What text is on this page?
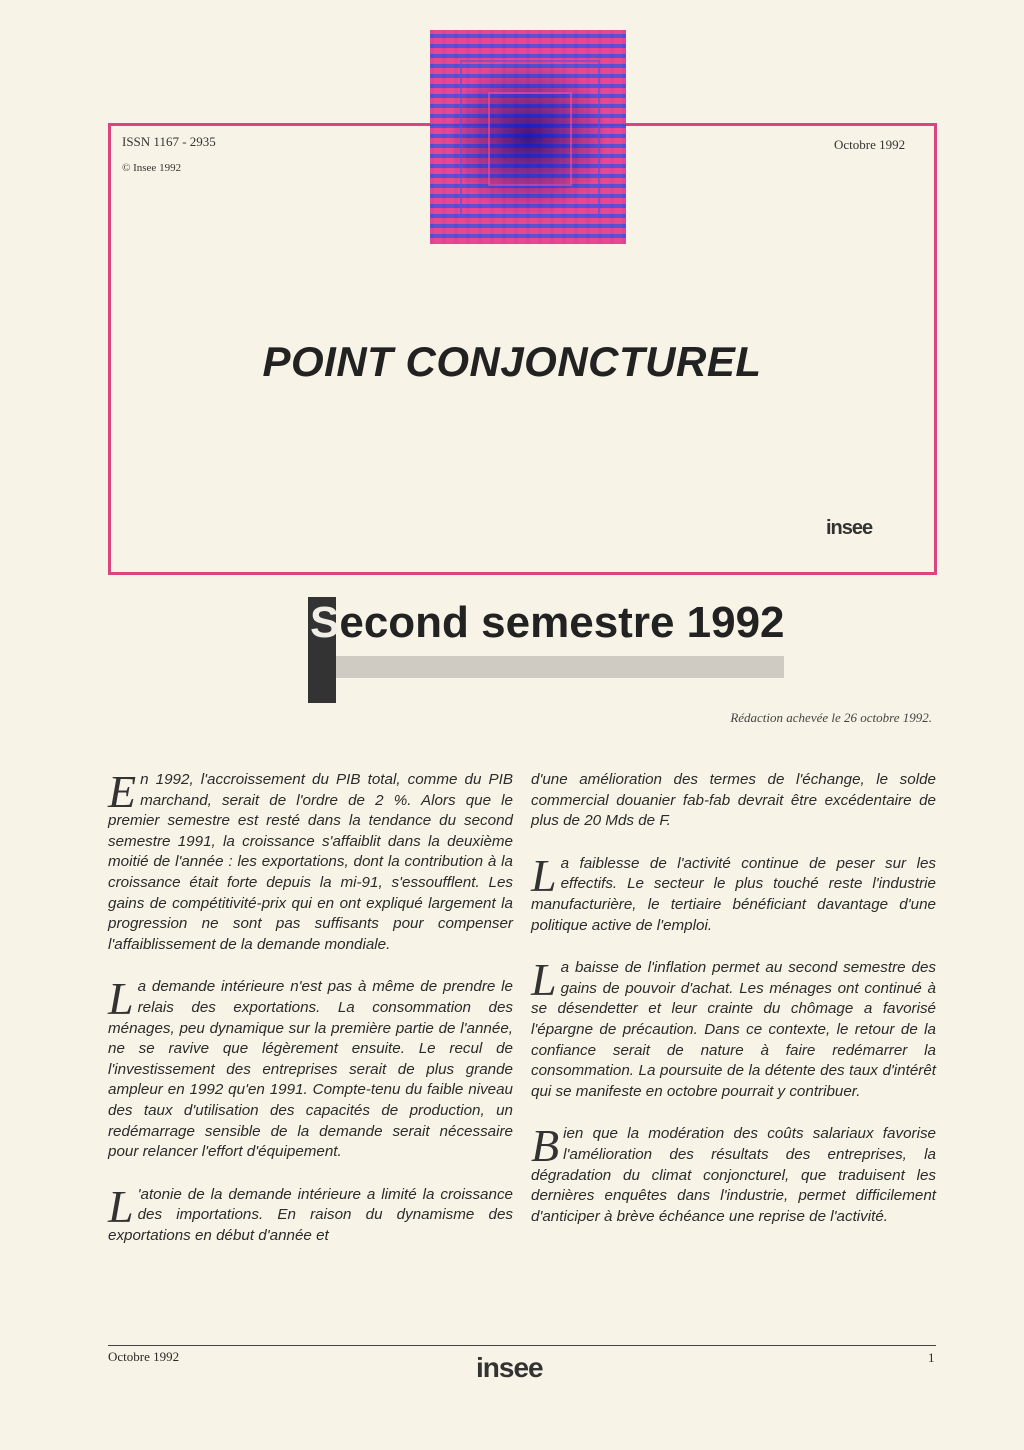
ISSN 1167 - 2935
© Insee 1992
Octobre 1992
POINT CONJONCTUREL
insee
Second semestre 1992
Rédaction achevée le 26 octobre 1992.

En 1992, l'accroissement du PIB total, comme du PIB marchand, serait de l'ordre de 2 %. Alors que le premier semestre est resté dans la tendance du second semestre 1991, la croissance s'affaiblit dans la deuxième moitié de l'année : les exportations, dont la contribution à la croissance était forte depuis la mi-91, s'essoufflent. Les gains de compétitivité-prix qui en ont expliqué largement la progression ne sont pas suffisants pour compenser l'affaiblissement de la demande mondiale.

La demande intérieure n'est pas à même de prendre le relais des exportations. La consommation des ménages, peu dynamique sur la première partie de l'année, ne se ravive que légèrement ensuite. Le recul de l'investissement des entreprises serait de plus grande ampleur en 1992 qu'en 1991. Compte-tenu du faible niveau des taux d'utilisation des capacités de production, un redémarrage sensible de la demande serait nécessaire pour relancer l'effort d'équipement.

L 'atonie de la demande intérieure a limité la croissance des importations. En raison du dynamisme des exportations en début d'année et

d'une amélioration des termes de l'échange, le solde commercial douanier fab-fab devrait être excédentaire de plus de 20 Mds de F.

La faiblesse de l'activité continue de peser sur les effectifs. Le secteur le plus touché reste l'industrie manufacturière, le tertiaire bénéficiant davantage d'une politique active de l'emploi.

La baisse de l'inflation permet au second semestre des gains de pouvoir d'achat. Les ménages ont continué à se désendetter et leur crainte du chômage a favorisé l'épargne de précaution. Dans ce contexte, le retour de la confiance serait de nature à faire redémarrer la consommation. La poursuite de la détente des taux d'intérêt qui se manifeste en octobre pourrait y contribuer.

Bien que la modération des coûts salariaux favorise l'amélioration des résultats des entreprises, la dégradation du climat conjoncturel, que traduisent les dernières enquêtes dans l'industrie, permet difficilement d'anticiper à brève échéance une reprise de l'activité.

Octobre 1992	insee	1
